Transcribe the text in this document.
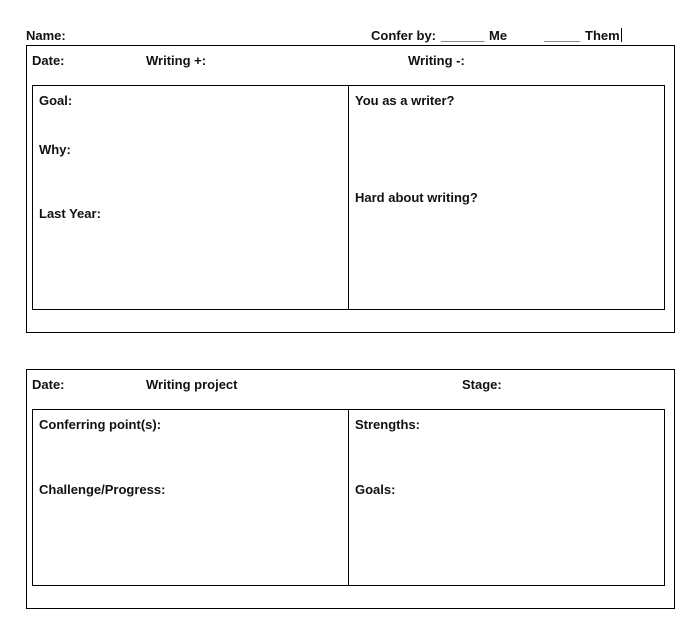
Name:	Confer by: ______ Me	_____ Them
Date:	Writing +:	Writing -:
Goal:
Why:
Last Year:
You as a writer?
Hard about writing?
Date:	Writing project	Stage:
Conferring point(s):
Challenge/Progress:
Strengths:
Goals:
